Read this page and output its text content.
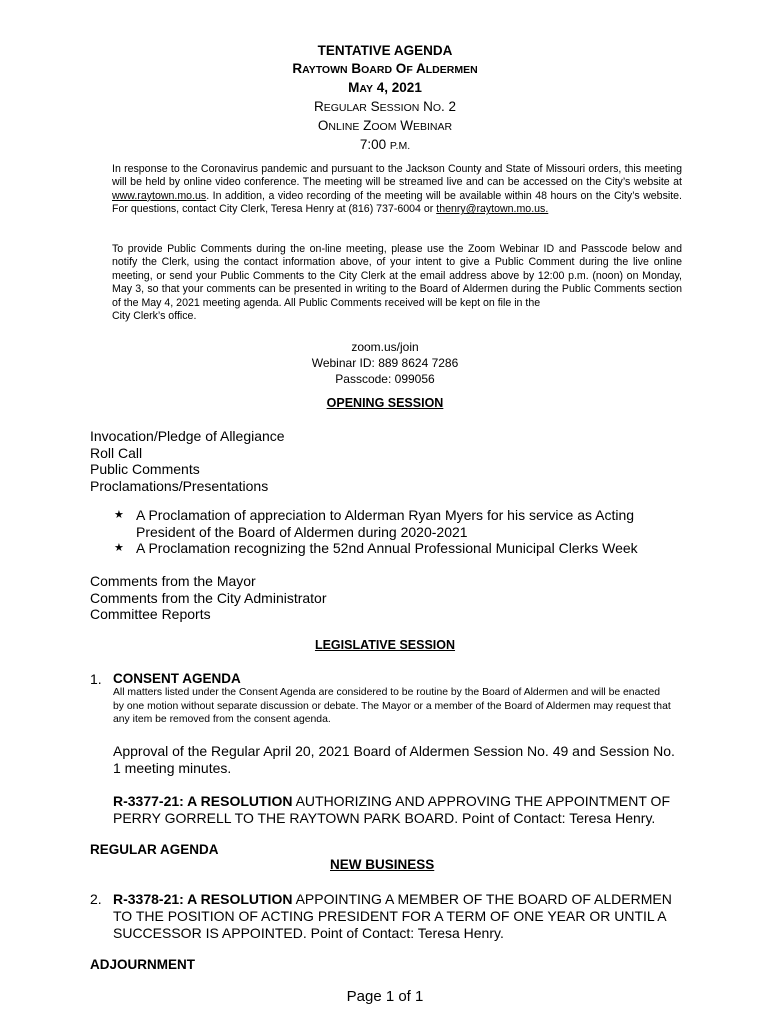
TENTATIVE AGENDA
RAYTOWN BOARD OF ALDERMEN
MAY 4, 2021
REGULAR SESSION NO. 2
ONLINE ZOOM WEBINAR
7:00 P.M.
In response to the Coronavirus pandemic and pursuant to the Jackson County and State of Missouri orders, this meeting will be held by online video conference. The meeting will be streamed live and can be accessed on the City’s website at www.raytown.mo.us. In addition, a video recording of the meeting will be available within 48 hours on the City’s website. For questions, contact City Clerk, Teresa Henry at (816) 737-6004 or thenry@raytown.mo.us.
To provide Public Comments during the on-line meeting, please use the Zoom Webinar ID and Passcode below and notify the Clerk, using the contact information above, of your intent to give a Public Comment during the live online meeting, or send your Public Comments to the City Clerk at the email address above by 12:00 p.m. (noon) on Monday, May 3, so that your comments can be presented in writing to the Board of Aldermen during the Public Comments section of the May 4, 2021 meeting agenda. All Public Comments received will be kept on file in the
City Clerk’s office.
zoom.us/join
Webinar ID: 889 8624 7286
Passcode: 099056
OPENING SESSION
Invocation/Pledge of Allegiance
Roll Call
Public Comments
Proclamations/Presentations
★ A Proclamation of appreciation to Alderman Ryan Myers for his service as Acting President of the Board of Aldermen during 2020-2021
★ A Proclamation recognizing the 52nd Annual Professional Municipal Clerks Week
Comments from the Mayor
Comments from the City Administrator
Committee Reports
LEGISLATIVE SESSION
1. CONSENT AGENDA
All matters listed under the Consent Agenda are considered to be routine by the Board of Aldermen and will be enacted by one motion without separate discussion or debate. The Mayor or a member of the Board of Aldermen may request that any item be removed from the consent agenda.
Approval of the Regular April 20, 2021 Board of Aldermen Session No. 49 and Session No. 1 meeting minutes.
R-3377-21: A RESOLUTION AUTHORIZING AND APPROVING THE APPOINTMENT OF PERRY GORRELL TO THE RAYTOWN PARK BOARD. Point of Contact: Teresa Henry.
REGULAR AGENDA
NEW BUSINESS
2. R-3378-21: A RESOLUTION APPOINTING A MEMBER OF THE BOARD OF ALDERMEN TO THE POSITION OF ACTING PRESIDENT FOR A TERM OF ONE YEAR OR UNTIL A SUCCESSOR IS APPOINTED. Point of Contact: Teresa Henry.
ADJOURNMENT
Page 1 of 1
